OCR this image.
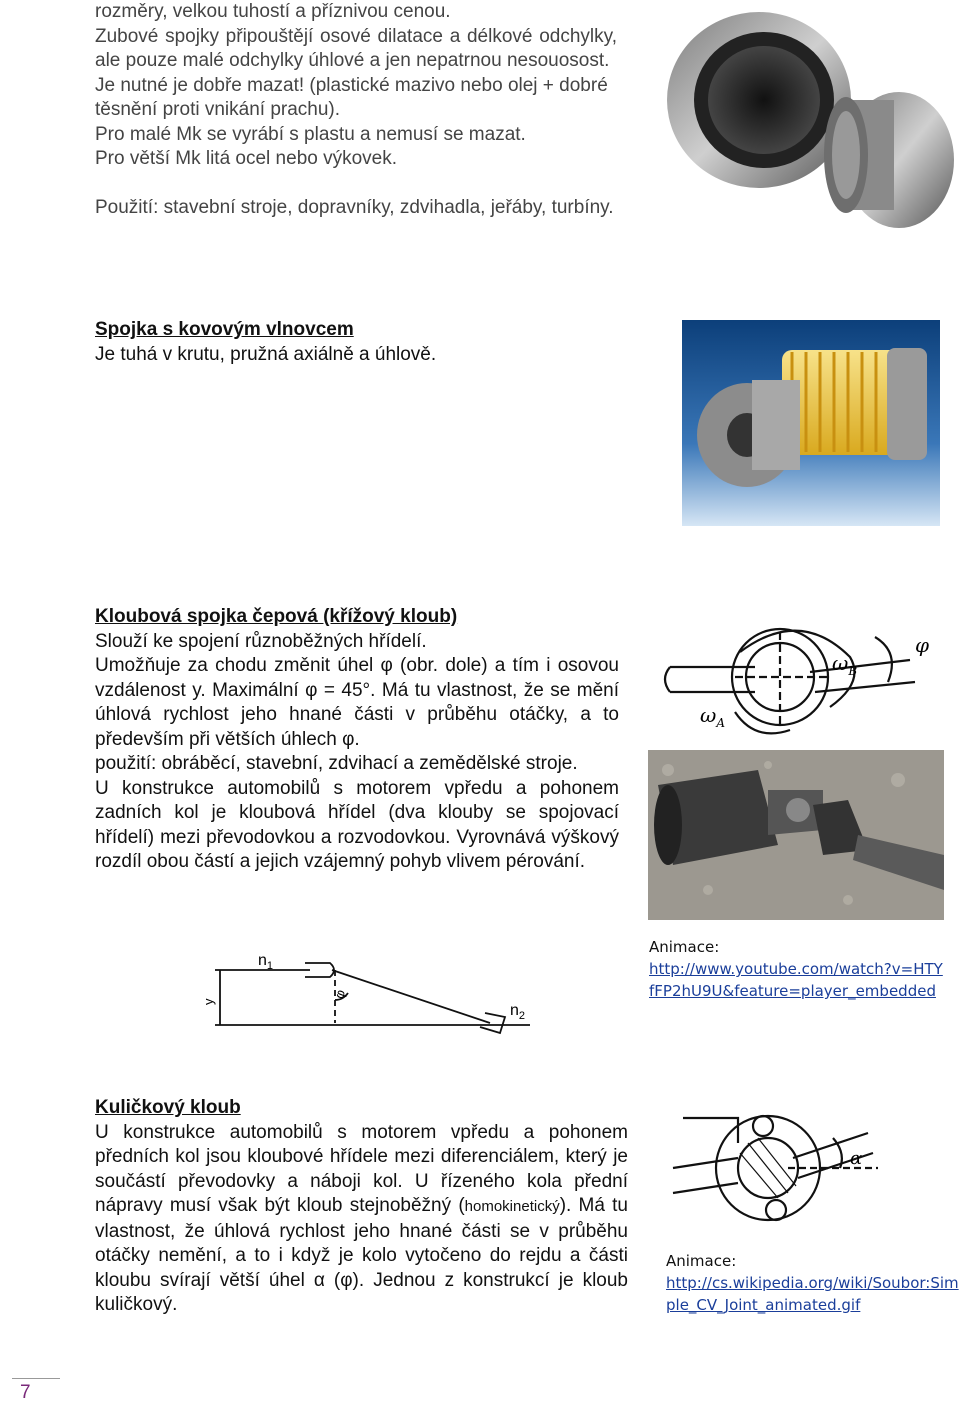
rozměry, velkou tuhostí a příznivou cenou.

Zubové spojky připouštějí osové dilatace a délkové odchylky, ale pouze malé odchylky úhlové a jen nepatrnou nesouosost.

Je nutné je dobře mazat! (plastické mazivo nebo olej + dobré těsnění proti vnikání prachu).

Pro malé Mk se vyrábí s plastu a nemusí se mazat.

Pro větší Mk litá ocel nebo výkovek.

Použití: stavební stroje, dopravníky, zdvihadla, jeřáby, turbíny.

Spojka s kovovým vlnovcem

Je tuhá v krutu, pružná axiálně a úhlově.

Kloubová spojka čepová (křížový kloub)

Slouží ke spojení různoběžných hřídelí.

Umožňuje za chodu změnit úhel φ (obr. dole) a tím i osovou vzdálenost y. Maximální φ = 45°. Má tu vlastnost, že se mění úhlová rychlost jeho hnané části v průběhu otáčky, a to především při větších úhlech φ.

použití: obráběcí, stavební, zdvihací a zemědělské stroje.

U konstrukce automobilů s motorem vpředu a pohonem zadních kol je kloubová hřídel (dva klouby se spojovací hřídelí) mezi převodovkou a rozvodovkou. Vyrovnává výškový rozdíl obou částí a jejich vzájemný pohyb vlivem pérování.

$\omega_A$
$\omega_B$
φ
y
φ
$n_1$
$n_2$
Animace:
http://www.youtube.com/watch?v=HTY
fFP2hU9U&feature=player_embedded

Kuličkový kloub

U konstrukce automobilů s motorem vpředu a pohonem předních kol jsou kloubové hřídele mezi diferenciálem, který je součástí převodovky a náboji kol. U řízeného kola přední nápravy musí však být kloub stejnoběžný (homokinetický). Má tu vlastnost, že úhlová rychlost jeho hnané části se v průběhu otáčky nemění, a to i když je kolo vytočeno do rejdu a části kloubu svírají větší úhel α (φ). Jednou z konstrukcí je kloub kuličkový.

α
Animace:
http://cs.wikipedia.org/wiki/Soubor:Sim
ple_CV_Joint_animated.gif
7
